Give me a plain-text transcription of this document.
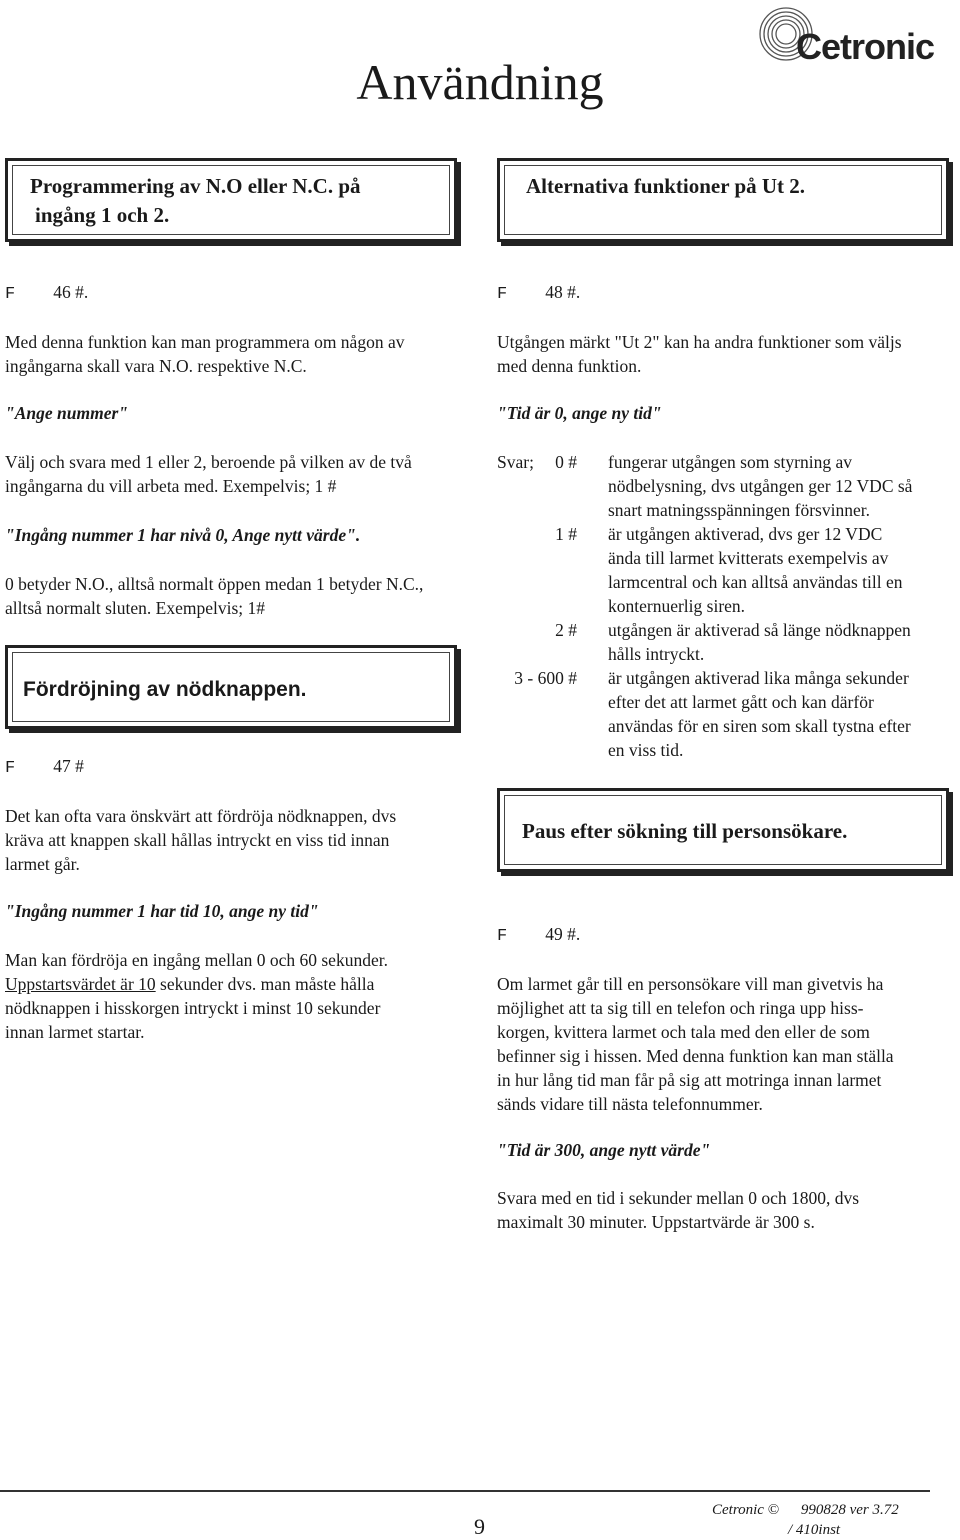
Cetronic
Användning
Programmering av N.O eller N.C. på
ingång 1 och 2.
F 46 #.
Med denna funktion kan man programmera om någon av
ingångarna skall vara N.O. respektive N.C.
"Ange nummer"
Välj och svara med 1 eller 2, beroende på vilken av de två
ingångarna du vill arbeta med. Exempelvis; 1 #
"Ingång nummer 1 har nivå 0, Ange nytt värde".
0 betyder N.O., alltså normalt öppen medan 1 betyder N.C.,
alltså normalt sluten. Exempelvis; 1#
Fördröjning av nödknappen.
F 47 #
Det kan ofta vara önskvärt att fördröja nödknappen, dvs
kräva att knappen skall hållas intryckt en viss tid innan
larmet går.
"Ingång nummer 1 har tid 10, ange ny tid"
Man kan fördröja en ingång mellan 0 och 60 sekunder.
Uppstartsvärdet är 10 sekunder dvs. man måste hålla
nödknappen i hisskorgen intryckt i minst 10 sekunder
innan larmet startar.
Alternativa funktioner på Ut 2.
F 48 #.
Utgången märkt "Ut 2" kan ha andra funktioner som väljs
med denna funktion.
"Tid är 0, ange ny tid"
Svar;	0 # fungerar utgången som styrning av
nödbelysning, dvs utgången ger 12 VDC så
snart matningsspänningen försvinner.
1 # är utgången aktiverad, dvs ger 12 VDC
ända till larmet kvitterats exempelvis av
larmcentral och kan alltså användas till en
konternuerlig siren.
2 # utgången är aktiverad så länge nödknappen
hålls intryckt.
3 - 600 # är utgången aktiverad lika många sekunder
efter det att larmet gått och kan därför
användas för en siren som skall tystna efter
en viss tid.
Paus efter sökning till personsökare.
F 49 #.
Om larmet går till en personsökare vill man givetvis ha
möjlighet att ta sig till en telefon och ringa upp hiss-
korgen, kvittera larmet och tala med den eller de som
befinner sig i hissen. Med denna funktion kan man ställa
in hur lång tid man får på sig att motringa innan larmet
sänds vidare till nästa telefonnummer.
"Tid är 300, ange nytt värde"
Svara med en tid i sekunder mellan 0 och 1800, dvs
maximalt 30 minuter. Uppstartvärde är 300 s.
9
Cetronic © 990828 ver 3.72
/ 410inst
